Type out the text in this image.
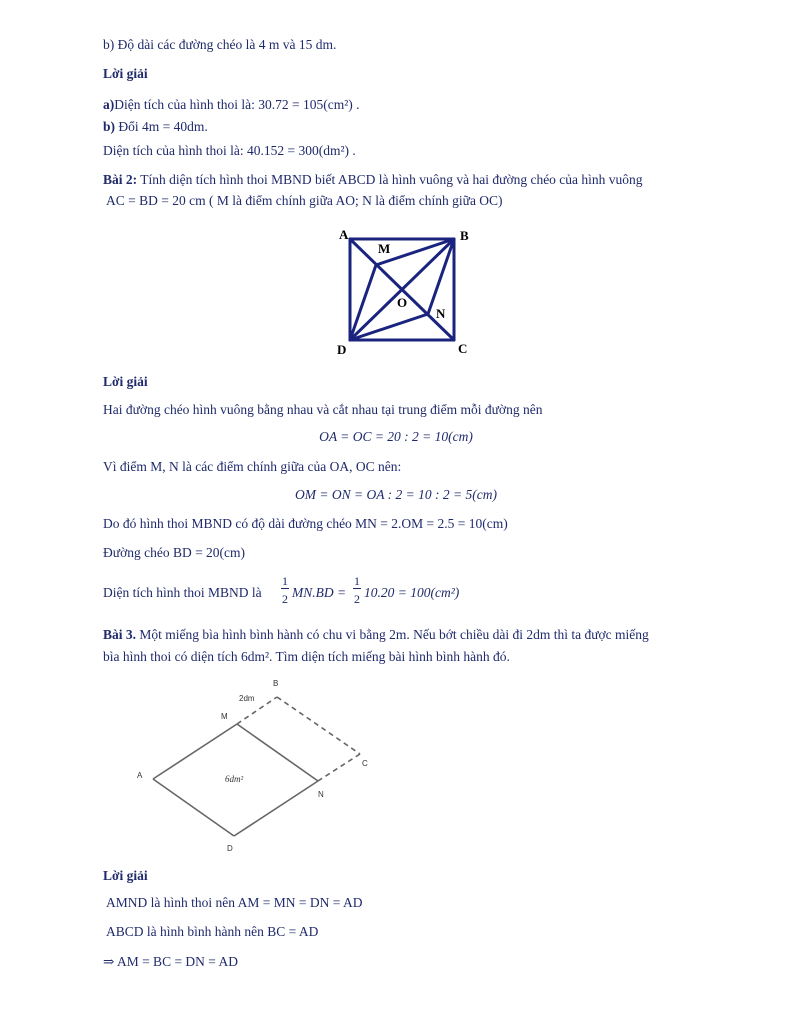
b) Độ dài các đường chéo là 4 m và 15 dm.
Lời giải
a)Diện tích của hình thoi là: 30.72 = 105(cm²) .
b) Đổi 4m = 40dm.
Diện tích của hình thoi là: 40.152 = 300(dm²) .
Bài 2: Tính diện tích hình thoi MBND biết ABCD là hình vuông và hai đường chéo của hình vuông
AC = BD = 20 cm ( M là điểm chính giữa AO; N là điểm chính giữa OC)
A	B
C
D
M
N
O
Lời giải
Hai đường chéo hình vuông bằng nhau và cắt nhau tại trung điểm mỗi đường nên
OA = OC = 20 : 2 = 10(cm)
Vì điểm M, N là các điểm chính giữa của OA, OC nên:
OM = ON = OA : 2 = 10 : 2 = 5(cm)
Do đó hình thoi MBND có độ dài đường chéo MN = 2.OM = 2.5 = 10(cm)
Đường chéo BD = 20(cm)
Diện tích hình thoi MBND là
1
2 MN.BD =
1
2 10.20 = 100(cm²)
Bài 3. Một miếng bìa hình bình hành có chu vi bằng 2m. Nếu bớt chiều dài đi 2dm thì ta được miếng
bìa hình thoi có diện tích 6dm². Tìm diện tích miếng bài hình bình hành đó.
A
B
C
D
M
N
2dm
6dm²
Lời giải
AMND là hình thoi nên AM = MN = DN = AD
ABCD là hình bình hành nên BC = AD
⇒ AM = BC = DN = AD
